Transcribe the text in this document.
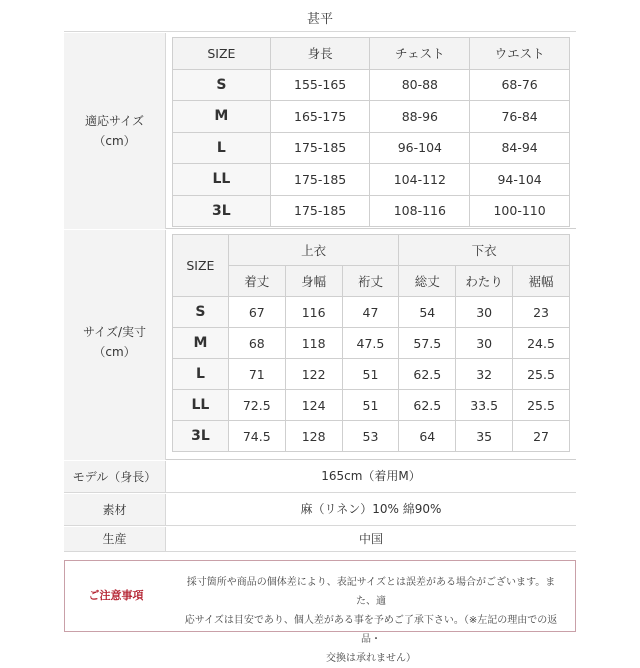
甚平
適応サイズ
（cm）
SIZE	身長	チェスト	ウエスト
S	155-165	80-88	68-76
M	165-175	88-96	76-84
L	175-185	96-104	84-94
LL	175-185	104-112	94-104
3L	175-185	108-116	100-110
サイズ/実寸
（cm）
SIZE	上衣			下衣		
	着丈	身幅	裄丈	総丈	わたり	裾幅
S	67	116	47	54	30	23
M	68	118	47.5	57.5	30	24.5
L	71	122	51	62.5	32	25.5
LL	72.5	124	51	62.5	33.5	25.5
3L	74.5	128	53	64	35	27
モデル（身長）	165cm（着用M）
素材	麻（リネン）10% 綿90%
生産	中国
ご注意事項
採寸箇所や商品の個体差により、表記サイズとは誤差がある場合がございます。また、適
応サイズは目安であり、個人差がある事を予めご了承下さい。（※左記の理由での返品・
交換は承れません）
